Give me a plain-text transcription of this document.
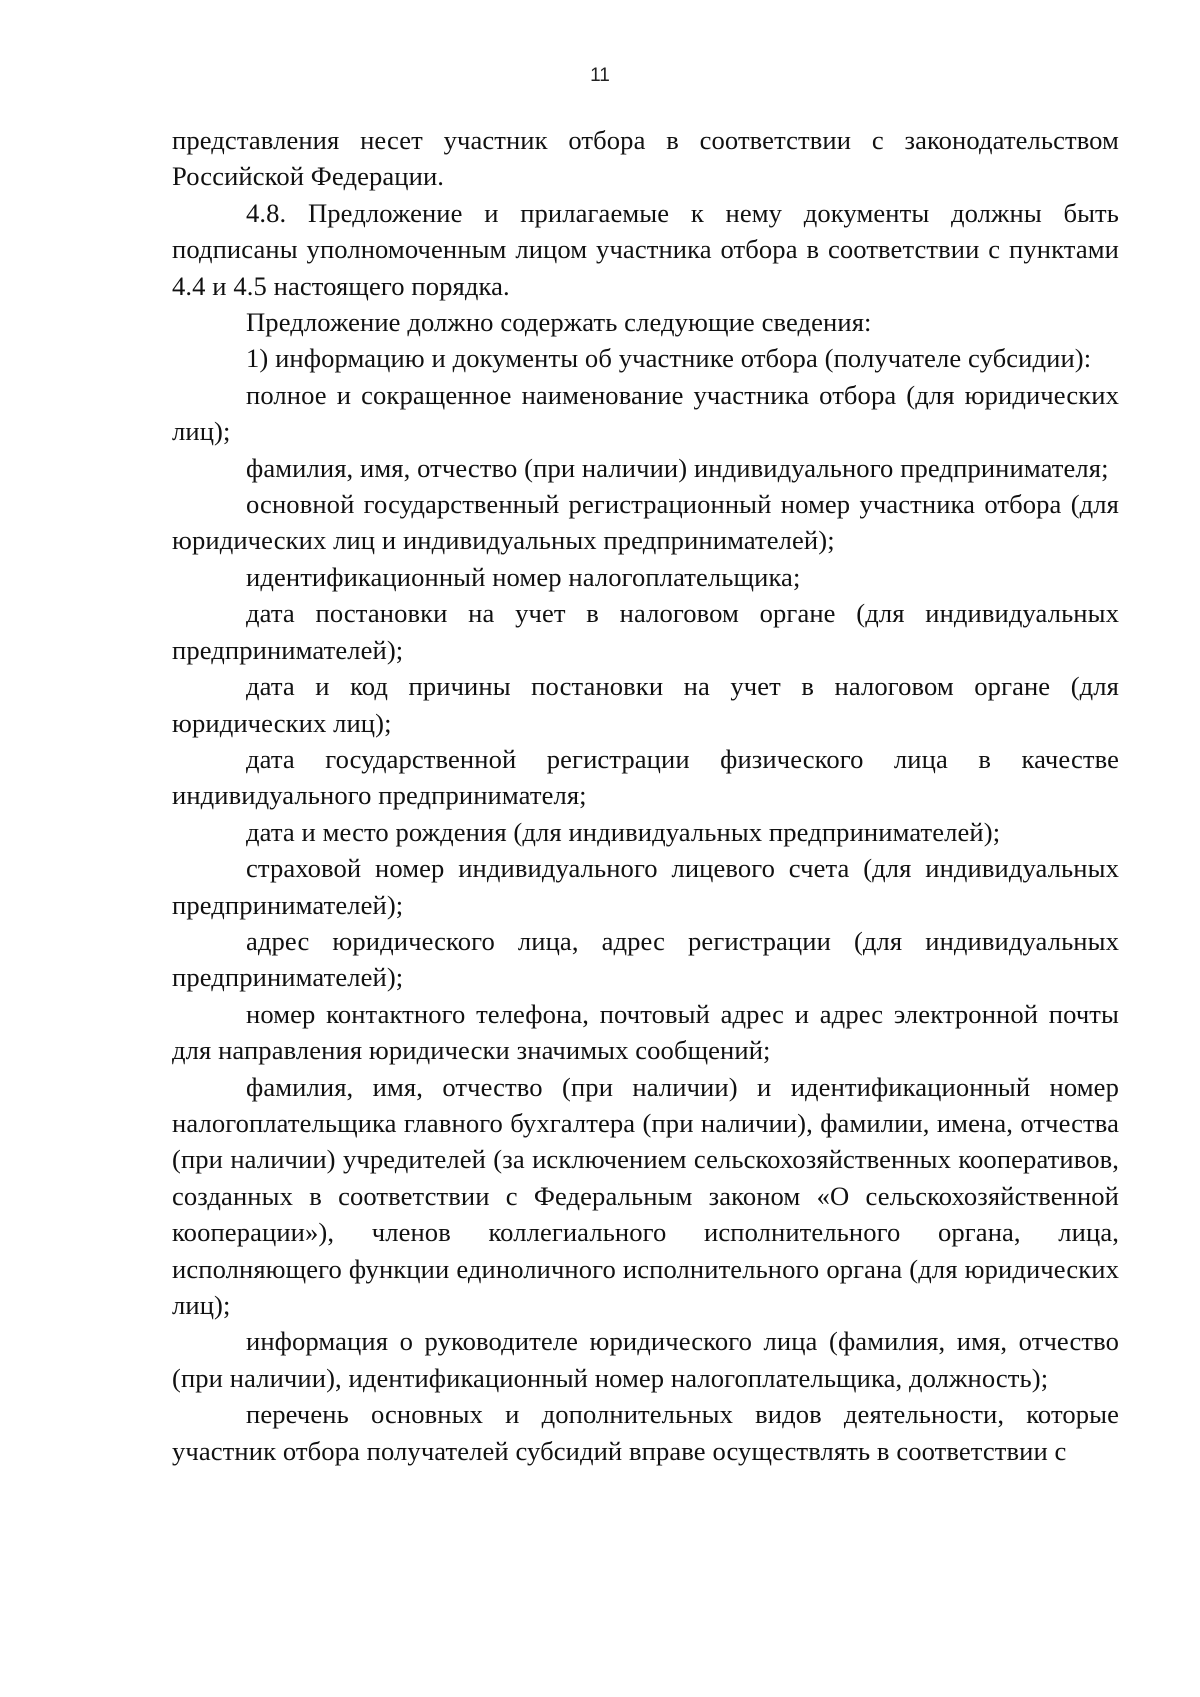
11

представления несет участник отбора в соответствии с законодательством Российской Федерации.

4.8. Предложение и прилагаемые к нему документы должны быть подписаны уполномоченным лицом участника отбора в соответствии с пунктами 4.4 и 4.5 настоящего порядка.

Предложение должно содержать следующие сведения:

1) информацию и документы об участнике отбора (получателе субсидии):

полное и сокращенное наименование участника отбора (для юридических лиц);

фамилия, имя, отчество (при наличии) индивидуального предпринимателя;

основной государственный регистрационный номер участника отбора (для юридических лиц и индивидуальных предпринимателей);

идентификационный номер налогоплательщика;

дата постановки на учет в налоговом органе (для индивидуальных предпринимателей);

дата и код причины постановки на учет в налоговом органе (для юридических лиц);

дата государственной регистрации физического лица в качестве индивидуального предпринимателя;

дата и место рождения (для индивидуальных предпринимателей);

страховой номер индивидуального лицевого счета (для индивидуальных предпринимателей);

адрес юридического лица, адрес регистрации (для индивидуальных предпринимателей);

номер контактного телефона, почтовый адрес и адрес электронной почты для направления юридически значимых сообщений;

фамилия, имя, отчество (при наличии) и идентификационный номер налогоплательщика главного бухгалтера (при наличии), фамилии, имена, отчества (при наличии) учредителей (за исключением сельскохозяйственных кооперативов, созданных в соответствии с Федеральным законом «О сельскохозяйственной кооперации»), членов коллегиального исполнительного органа, лица, исполняющего функции единоличного исполнительного органа (для юридических лиц);

информация о руководителе юридического лица (фамилия, имя, отчество (при наличии), идентификационный номер налогоплательщика, должность);

перечень основных и дополнительных видов деятельности, которые участник отбора получателей субсидий вправе осуществлять в соответствии с
